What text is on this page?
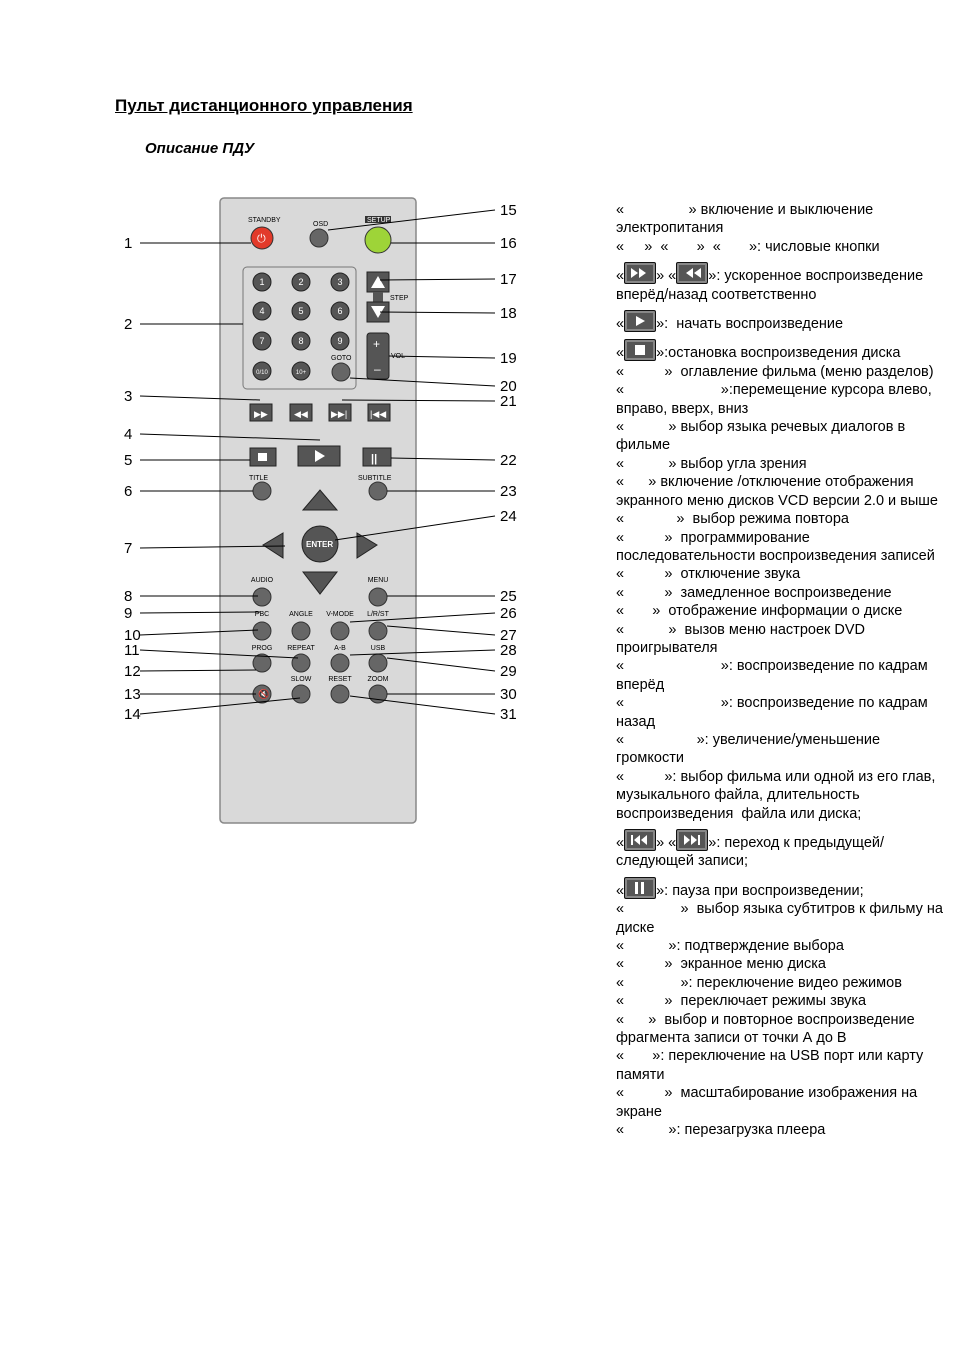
Пульт дистанционного управления
Описание ПДУ
STANDBY
⏻
OSD
SETUP
1	2	3
4	5	6
7	8	9
0/10	10+
STEP
+
–
VOL
GOTO
▶▶	◀◀	▶▶|	|◀◀
||
TITLE	SUBTITLE
ENTER
AUDIO	MENU
PBC	ANGLE V-MODE L/R/ST
PROG REPEAT	A-B	USB
🔇
SLOW RESET ZOOM
1
2
3
4
5
6
7
8
9
10
11
12
13
14
15
16
17
18
19
20
21
22
23
24
25
26
27
28
29
30
31

«                » включение и выключение электропитания

«     »  «       »  «       »: числовые кнопки

« » « »: ускоренное воспроизведение вперёд/назад соответственно

« »:  начать воспроизведение

« »:остановка воспроизведения диска

«          »  оглавление фильма (меню разделов)

«                        »:перемещение курсора влево, вправо, вверх, вниз

«           » выбор языка речевых диалогов в фильме

«           » выбор угла зрения

«      » включение /отключение отображения экранного меню дисков VCD версии 2.0 и выше

«             »  выбор режима повтора

«          »  программирование последовательности воспроизведения записей

«          »  отключение звука

«          »  замедленное воспроизведение

«       »  отображение информации о диске

«           »  вызов меню настроек DVD проигрывателя

«                        »: воспроизведение по кадрам вперёд

«                        »: воспроизведение по кадрам назад

«                  »: увеличение/уменьшение громкости

«          »: выбор фильма или одной из его глав, музыкального файла, длительность воспроизведения  файла или диска;

« » « »: переход к предыдущей/следующей записи;

« »: пауза при воспроизведении;

«              »  выбор языка субтитров к фильму на диске

«           »: подтверждение выбора

«          »  экранное меню диска

«              »: переключение видео режимов

«          »  переключает режимы звука

«      »  выбор и повторное воспроизведение фрагмента записи от точки А до В

«       »: переключение на USB порт или карту памяти

«          »  масштабирование изображения на экране

«           »: перезагрузка плеера
